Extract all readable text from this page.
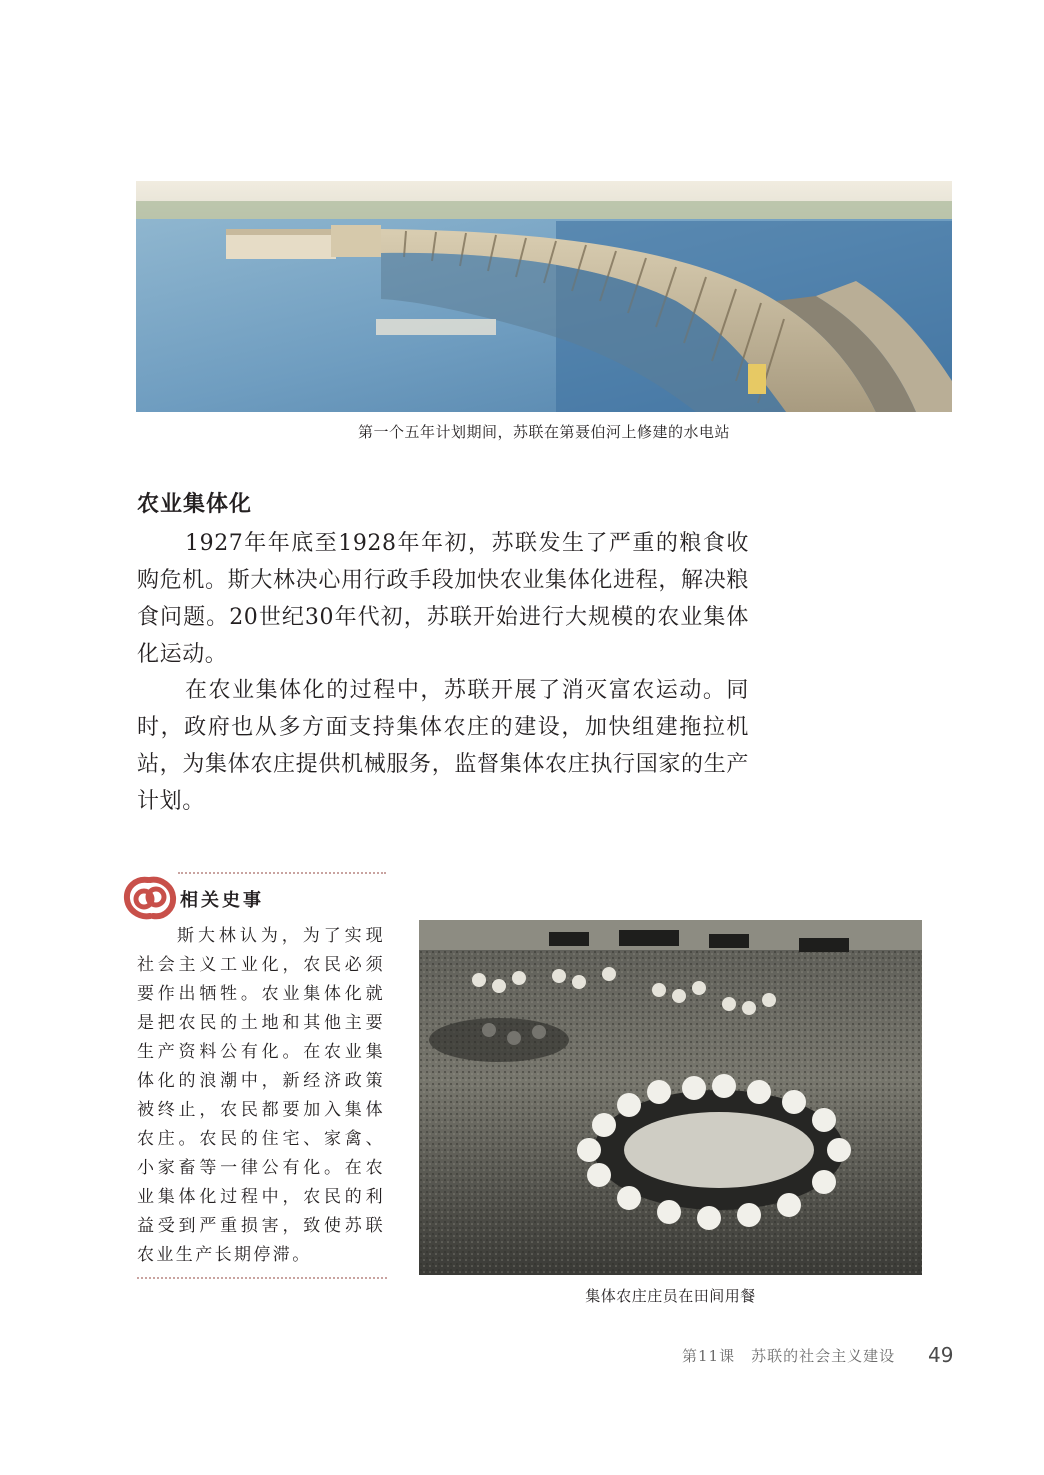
第一个五年计划期间，苏联在第聂伯河上修建的水电站
农业集体化

1927年年底至1928年年初，苏联发生了严重的粮食收购危机。斯大林决心用行政手段加快农业集体化进程，解决粮食问题。20世纪30年代初，苏联开始进行大规模的农业集体化运动。

在农业集体化的过程中，苏联开展了消灭富农运动。同时，政府也从多方面支持集体农庄的建设，加快组建拖拉机站，为集体农庄提供机械服务，监督集体农庄执行国家的生产计划。

相关史事

斯大林认为，为了实现社会主义工业化，农民必须要作出牺牲。农业集体化就是把农民的土地和其他主要生产资料公有化。在农业集体化的浪潮中，新经济政策被终止，农民都要加入集体农庄。农民的住宅、家禽、小家畜等一律公有化。在农业集体化过程中，农民的利益受到严重损害，致使苏联农业生产长期停滞。

集体农庄庄员在田间用餐
第11课　苏联的社会主义建设 49
